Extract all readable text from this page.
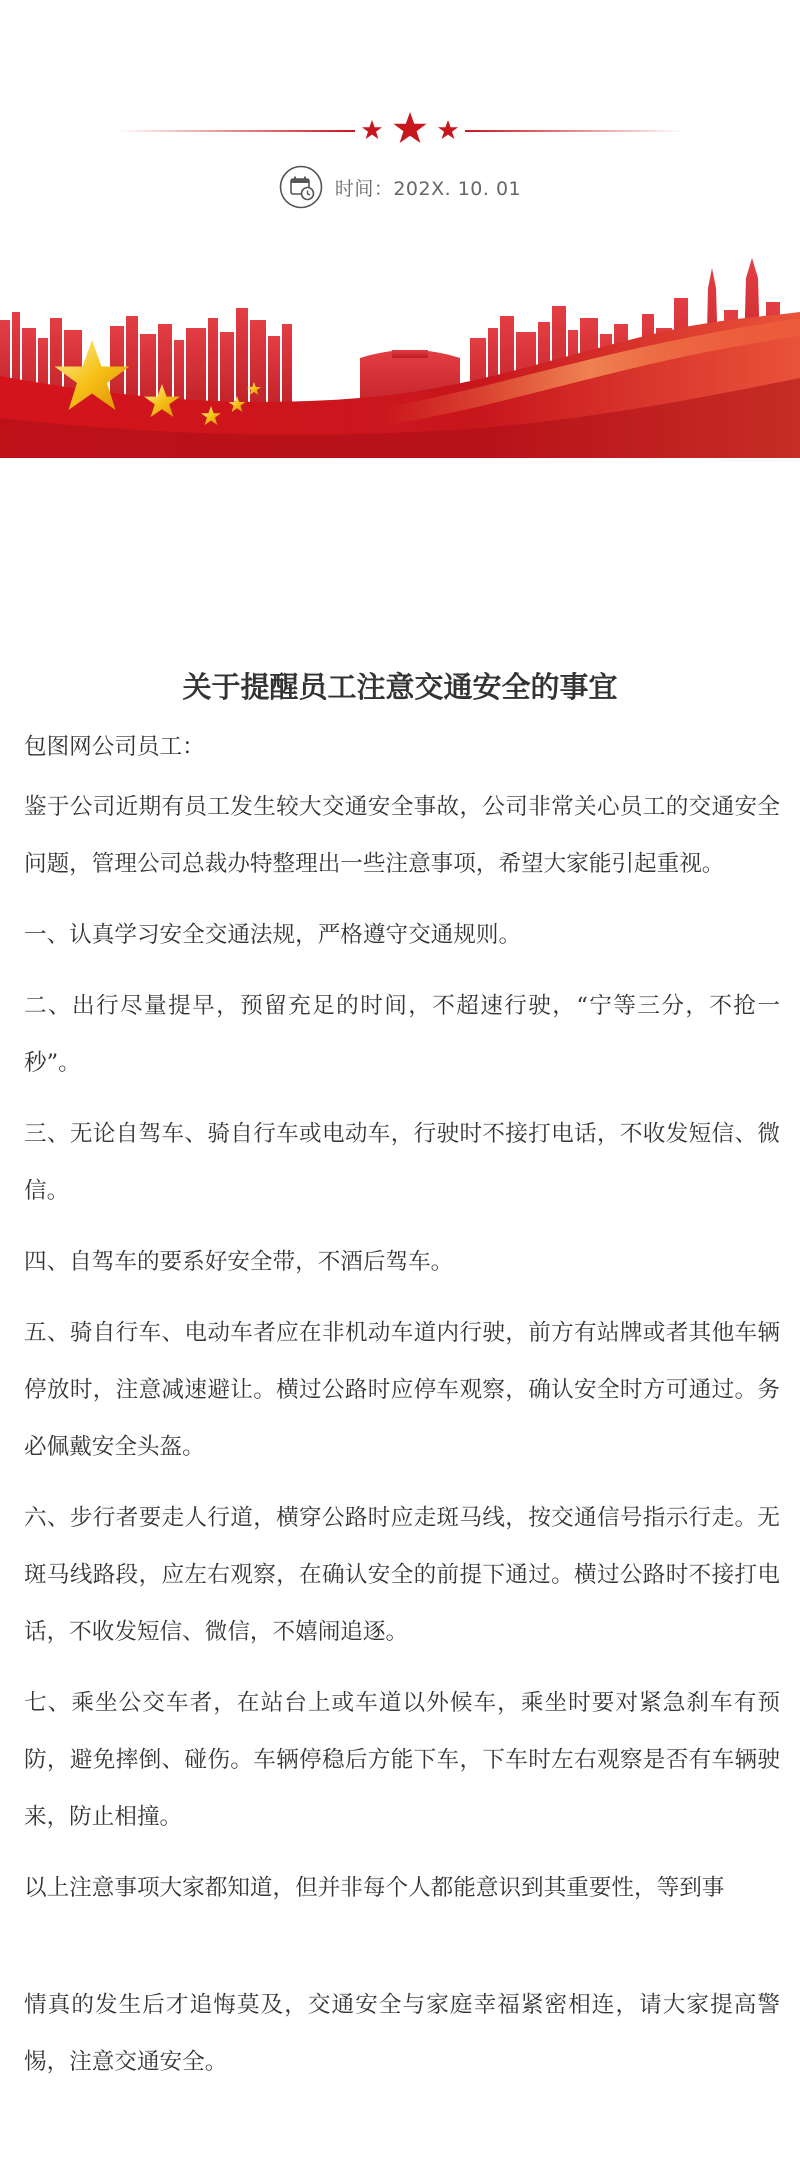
时间：202X. 10. 01
关于提醒员工注意交通安全的事宜

包图网公司员工：

鉴于公司近期有员工发生较大交通安全事故，公司非常关心员工的交通安全问题，管理公司总裁办特整理出一些注意事项，希望大家能引起重视。

一、认真学习安全交通法规，严格遵守交通规则。

二、出行尽量提早，预留充足的时间，不超速行驶，“宁等三分，不抢一秒”。

三、无论自驾车、骑自行车或电动车，行驶时不接打电话，不收发短信、微信。

四、自驾车的要系好安全带，不酒后驾车。

五、骑自行车、电动车者应在非机动车道内行驶，前方有站牌或者其他车辆停放时，注意减速避让。横过公路时应停车观察，确认安全时方可通过。务必佩戴安全头盔。

六、步行者要走人行道，横穿公路时应走斑马线，按交通信号指示行走。无斑马线路段，应左右观察，在确认安全的前提下通过。横过公路时不接打电话，不收发短信、微信，不嬉闹追逐。

七、乘坐公交车者，在站台上或车道以外候车，乘坐时要对紧急刹车有预防，避免摔倒、碰伤。车辆停稳后方能下车，下车时左右观察是否有车辆驶来，防止相撞。

以上注意事项大家都知道，但并非每个人都能意识到其重要性，等到事

情真的发生后才追悔莫及，交通安全与家庭幸福紧密相连，请大家提高警惕，注意交通安全。
